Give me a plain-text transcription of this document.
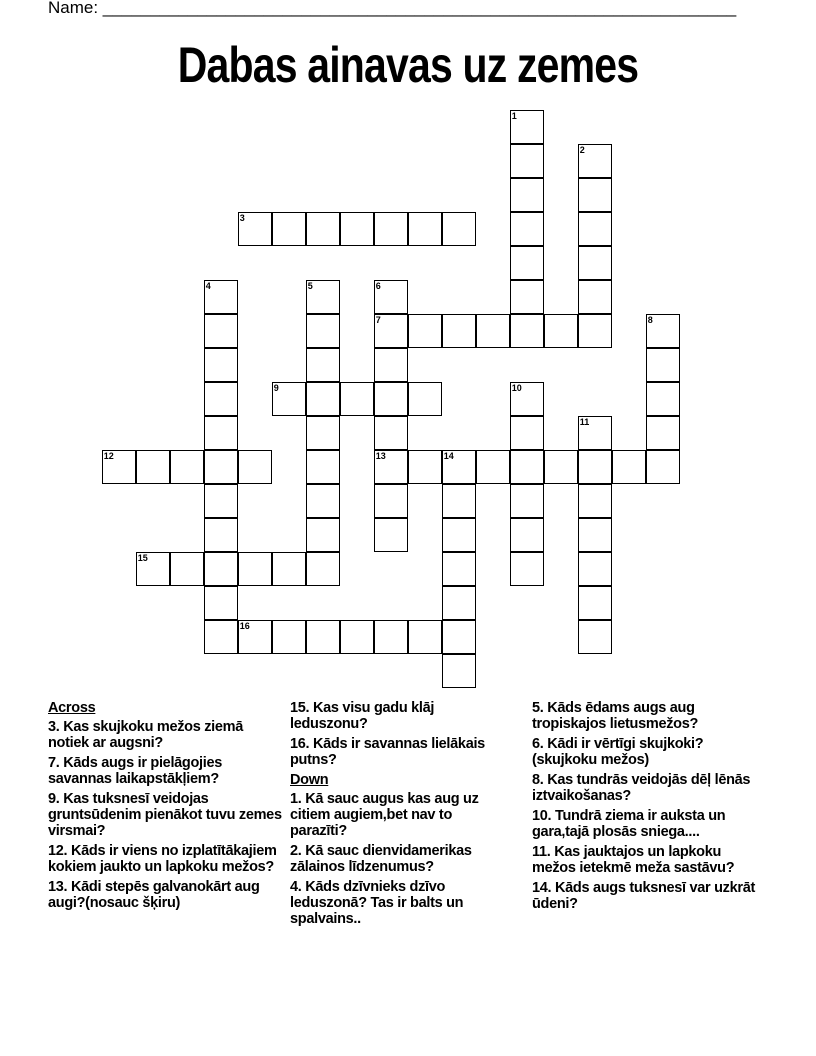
Name: ___________________________________________________________________
Dabas ainavas uz zemes
1
2
3
4	5	6
7
13
8
9	10
11
12	14
15
16
Across
3. Kas skujkoku mežos ziemā notiek ar augsni?
7. Kāds augs ir pielāgojies savannas laikapstākļiem?
9. Kas tuksnesī veidojas gruntsūdenim pienākot tuvu zemes virsmai?
12. Kāds ir viens no izplatītākajiem kokiem jaukto un lapkoku mežos?
13. Kādi stepēs galvanokārt aug augi?(nosauc šķiru)
15. Kas visu gadu klāj leduszonu?
16. Kāds ir savannas lielākais putns?
Down
1. Kā sauc augus kas aug uz citiem augiem,bet nav to parazīti?
2. Kā sauc dienvidamerikas zālainos līdzenumus?
4. Kāds dzīvnieks dzīvo leduszonā? Tas ir balts un spalvains..
5. Kāds ēdams augs aug tropiskajos lietusmežos?
6. Kādi ir vērtīgi skujkoki?(skujkoku mežos)
8. Kas tundrās veidojās dēļ lēnās iztvaikošanas?
10. Tundrā ziema ir auksta un gara,tajā plosās sniega....
11. Kas jauktajos un lapkoku mežos ietekmē meža sastāvu?
14. Kāds augs tuksnesī var uzkrāt ūdeni?
